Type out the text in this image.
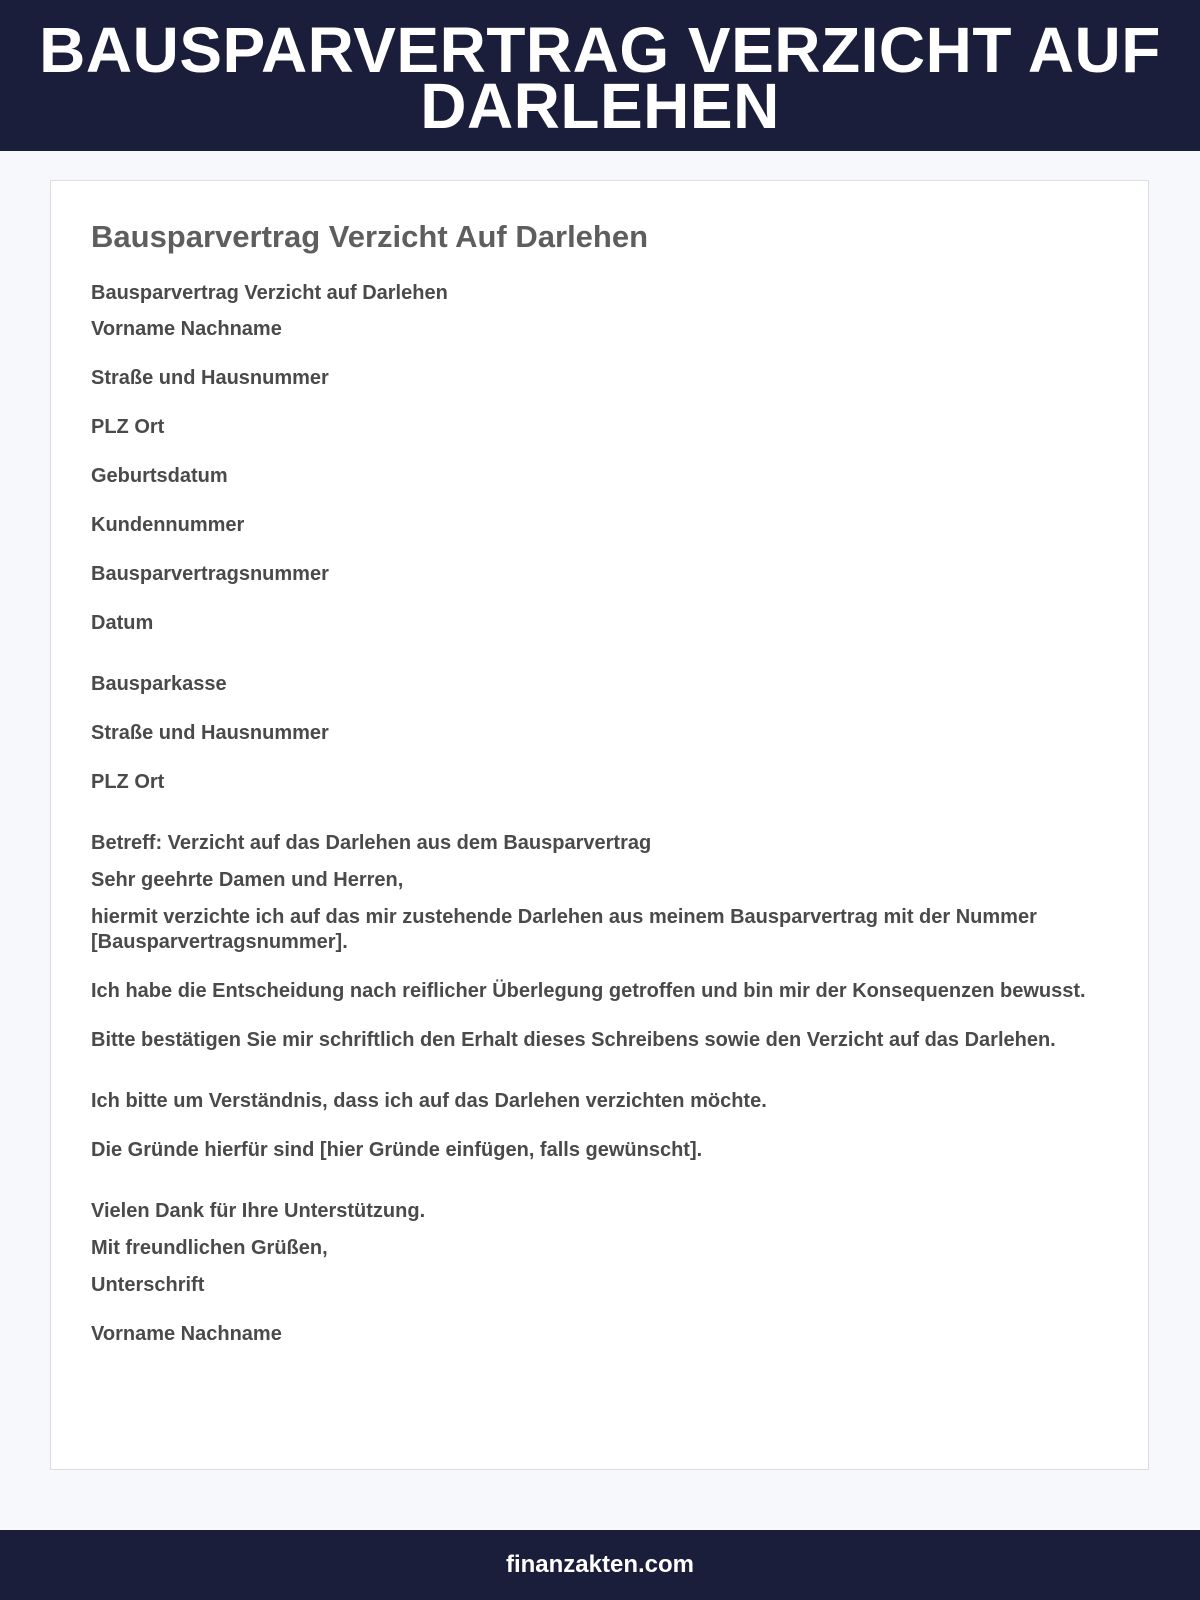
BAUSPARVERTRAG VERZICHT AUF DARLEHEN
Bausparvertrag Verzicht Auf Darlehen

Bausparvertrag Verzicht auf Darlehen

Vorname Nachname

Straße und Hausnummer

PLZ Ort

Geburtsdatum

Kundennummer

Bausparvertragsnummer

Datum

Bausparkasse

Straße und Hausnummer

PLZ Ort

Betreff: Verzicht auf das Darlehen aus dem Bausparvertrag

Sehr geehrte Damen und Herren,

hiermit verzichte ich auf das mir zustehende Darlehen aus meinem Bausparvertrag mit der Nummer [Bausparvertragsnummer].

Ich habe die Entscheidung nach reiflicher Überlegung getroffen und bin mir der Konsequenzen bewusst.

Bitte bestätigen Sie mir schriftlich den Erhalt dieses Schreibens sowie den Verzicht auf das Darlehen.

Ich bitte um Verständnis, dass ich auf das Darlehen verzichten möchte.

Die Gründe hierfür sind [hier Gründe einfügen, falls gewünscht].

Vielen Dank für Ihre Unterstützung.

Mit freundlichen Grüßen,

Unterschrift

Vorname Nachname

finanzakten.com
